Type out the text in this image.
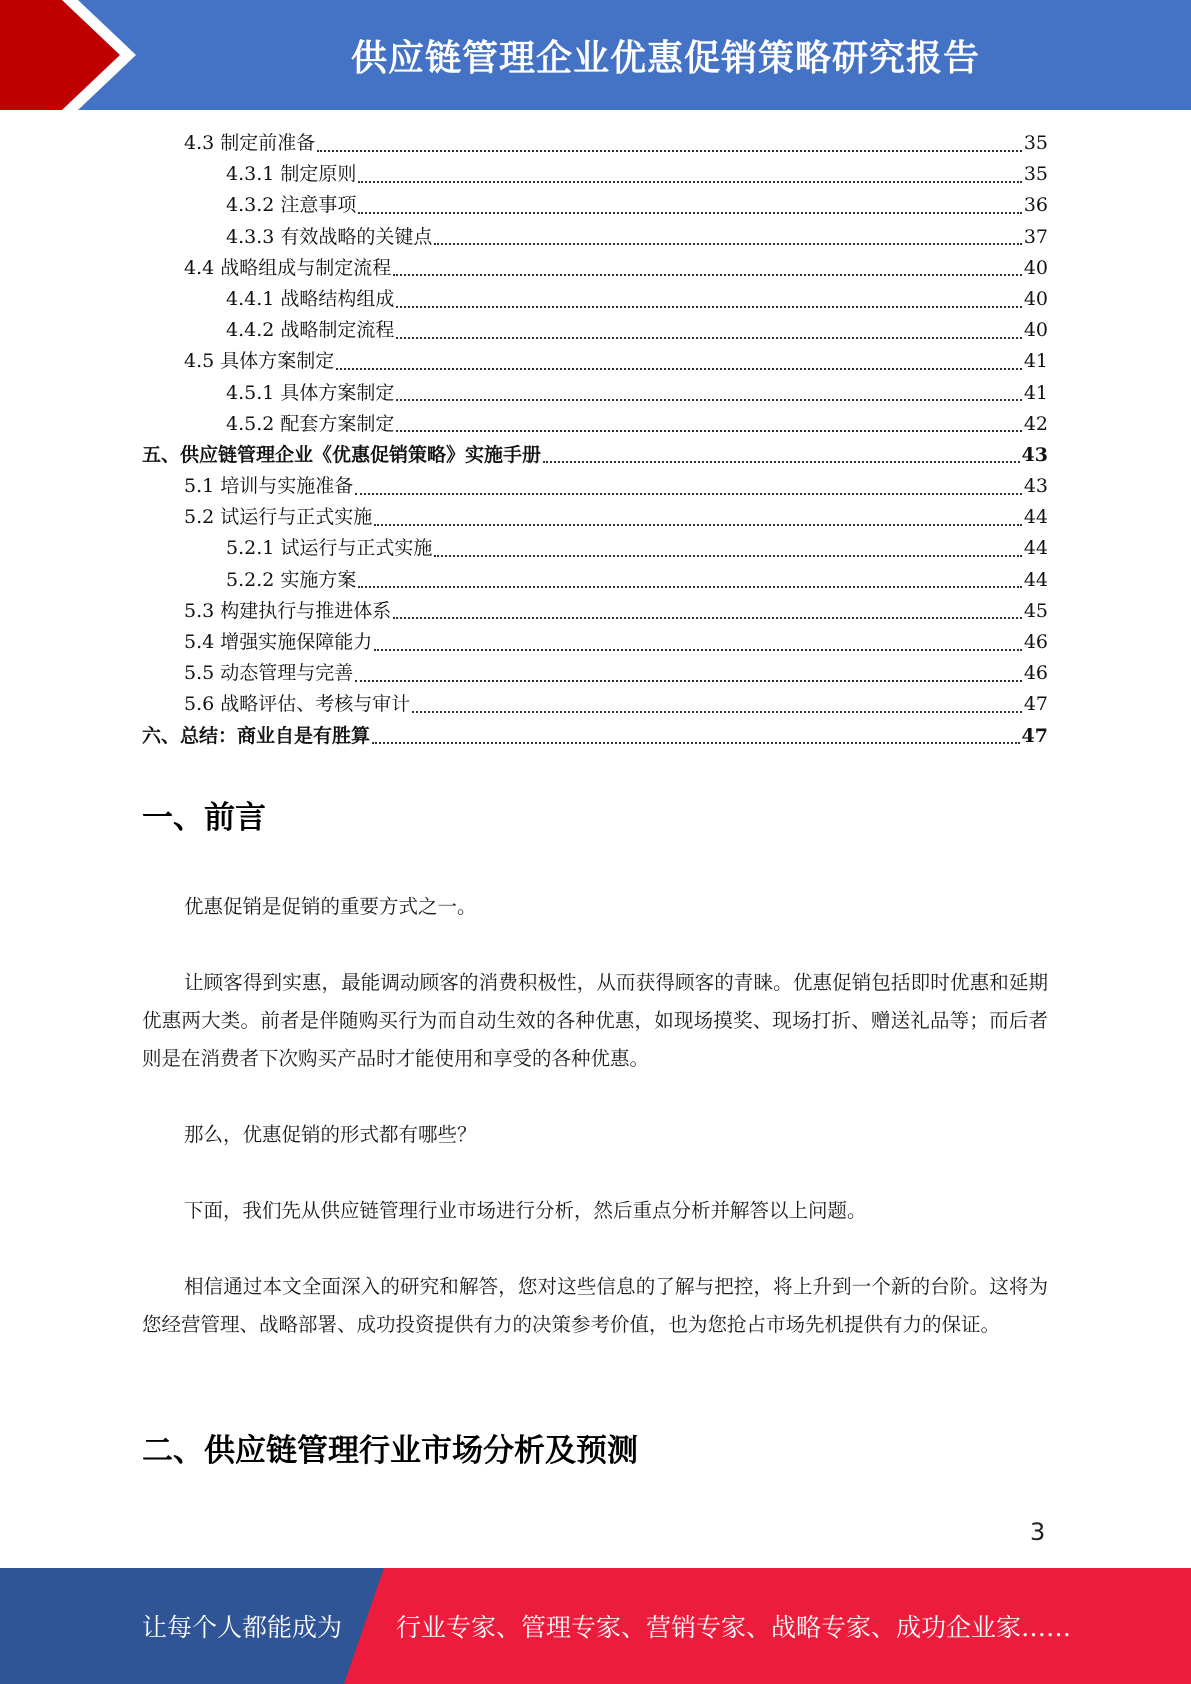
供应链管理企业优惠促销策略研究报告
4.3 制定前准备	35
4.3.1 制定原则	35
4.3.2 注意事项	36
4.3.3 有效战略的关键点	37
4.4 战略组成与制定流程	40
4.4.1 战略结构组成	40
4.4.2 战略制定流程	40
4.5 具体方案制定	41
4.5.1 具体方案制定	41
4.5.2 配套方案制定	42
五、供应链管理企业《优惠促销策略》实施手册	43
5.1 培训与实施准备	43
5.2 试运行与正式实施	44
5.2.1 试运行与正式实施	44
5.2.2 实施方案	44
5.3 构建执行与推进体系	45
5.4 增强实施保障能力	46
5.5 动态管理与完善	46
5.6 战略评估、考核与审计	47
六、总结：商业自是有胜算	47
一、前言
优惠促销是促销的重要方式之一。
让顾客得到实惠，最能调动顾客的消费积极性，从而获得顾客的青睐。优惠促销包括即时优惠和延期优惠两大类。前者是伴随购买行为而自动生效的各种优惠，如现场摸奖、现场打折、赠送礼品等；而后者则是在消费者下次购买产品时才能使用和享受的各种优惠。
那么，优惠促销的形式都有哪些？
下面，我们先从供应链管理行业市场进行分析，然后重点分析并解答以上问题。
相信通过本文全面深入的研究和解答，您对这些信息的了解与把控，将上升到一个新的台阶。这将为您经营管理、战略部署、成功投资提供有力的决策参考价值，也为您抢占市场先机提供有力的保证。
二、供应链管理行业市场分析及预测
3
让每个人都能成为 行业专家、管理专家、营销专家、战略专家、成功企业家……
